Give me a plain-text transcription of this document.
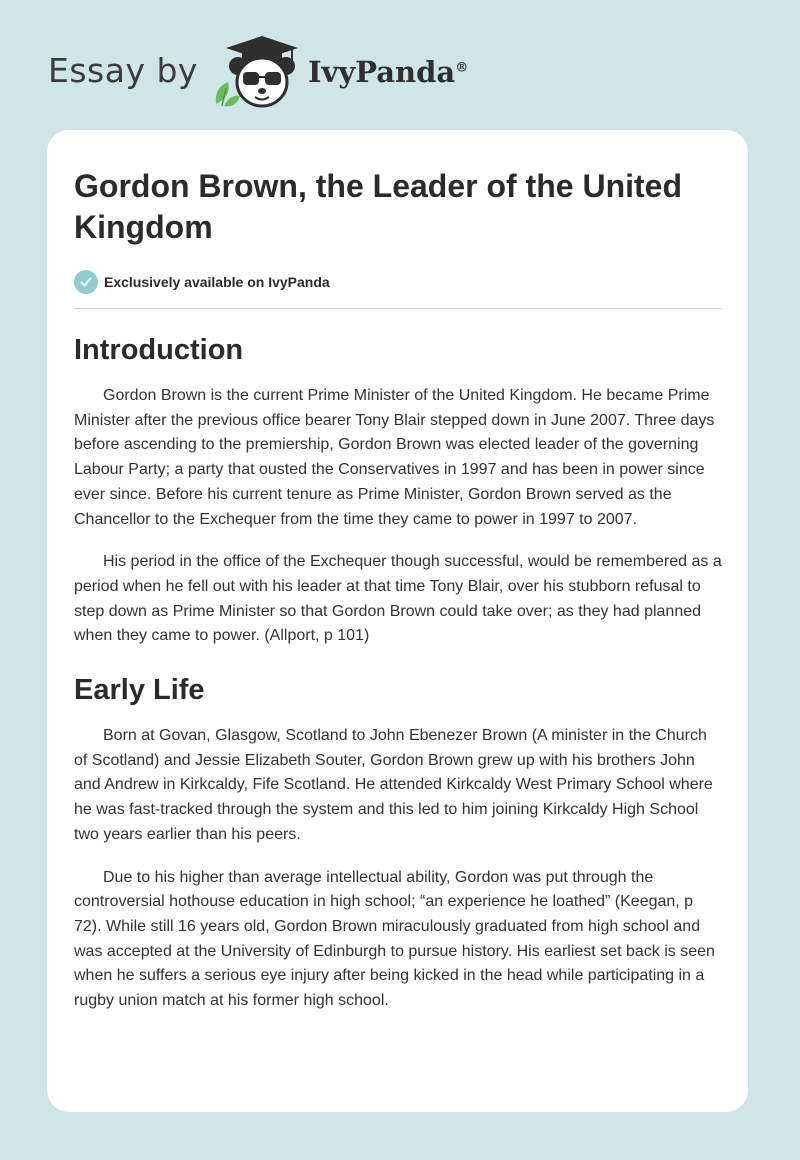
Essay by	IvyPanda®
Gordon Brown, the Leader of the United Kingdom
Exclusively available on IvyPanda
Introduction

Gordon Brown is the current Prime Minister of the United Kingdom. He became Prime Minister after the previous office bearer Tony Blair stepped down in June 2007. Three days before ascending to the premiership, Gordon Brown was elected leader of the governing Labour Party; a party that ousted the Conservatives in 1997 and has been in power since ever since. Before his current tenure as Prime Minister, Gordon Brown served as the Chancellor to the Exchequer from the time they came to power in 1997 to 2007.

His period in the office of the Exchequer though successful, would be remembered as a period when he fell out with his leader at that time Tony Blair, over his stubborn refusal to step down as Prime Minister so that Gordon Brown could take over; as they had planned when they came to power. (Allport, p 101)

Early Life

Born at Govan, Glasgow, Scotland to John Ebenezer Brown (A minister in the Church of Scotland) and Jessie Elizabeth Souter, Gordon Brown grew up with his brothers John and Andrew in Kirkcaldy, Fife Scotland. He attended Kirkcaldy West Primary School where he was fast-tracked through the system and this led to him joining Kirkcaldy High School two years earlier than his peers.

Due to his higher than average intellectual ability, Gordon was put through the controversial hothouse education in high school; “an experience he loathed” (Keegan, p 72). While still 16 years old, Gordon Brown miraculously graduated from high school and was accepted at the University of Edinburgh to pursue history. His earliest set back is seen when he suffers a serious eye injury after being kicked in the head while participating in a rugby union match at his former high school.
